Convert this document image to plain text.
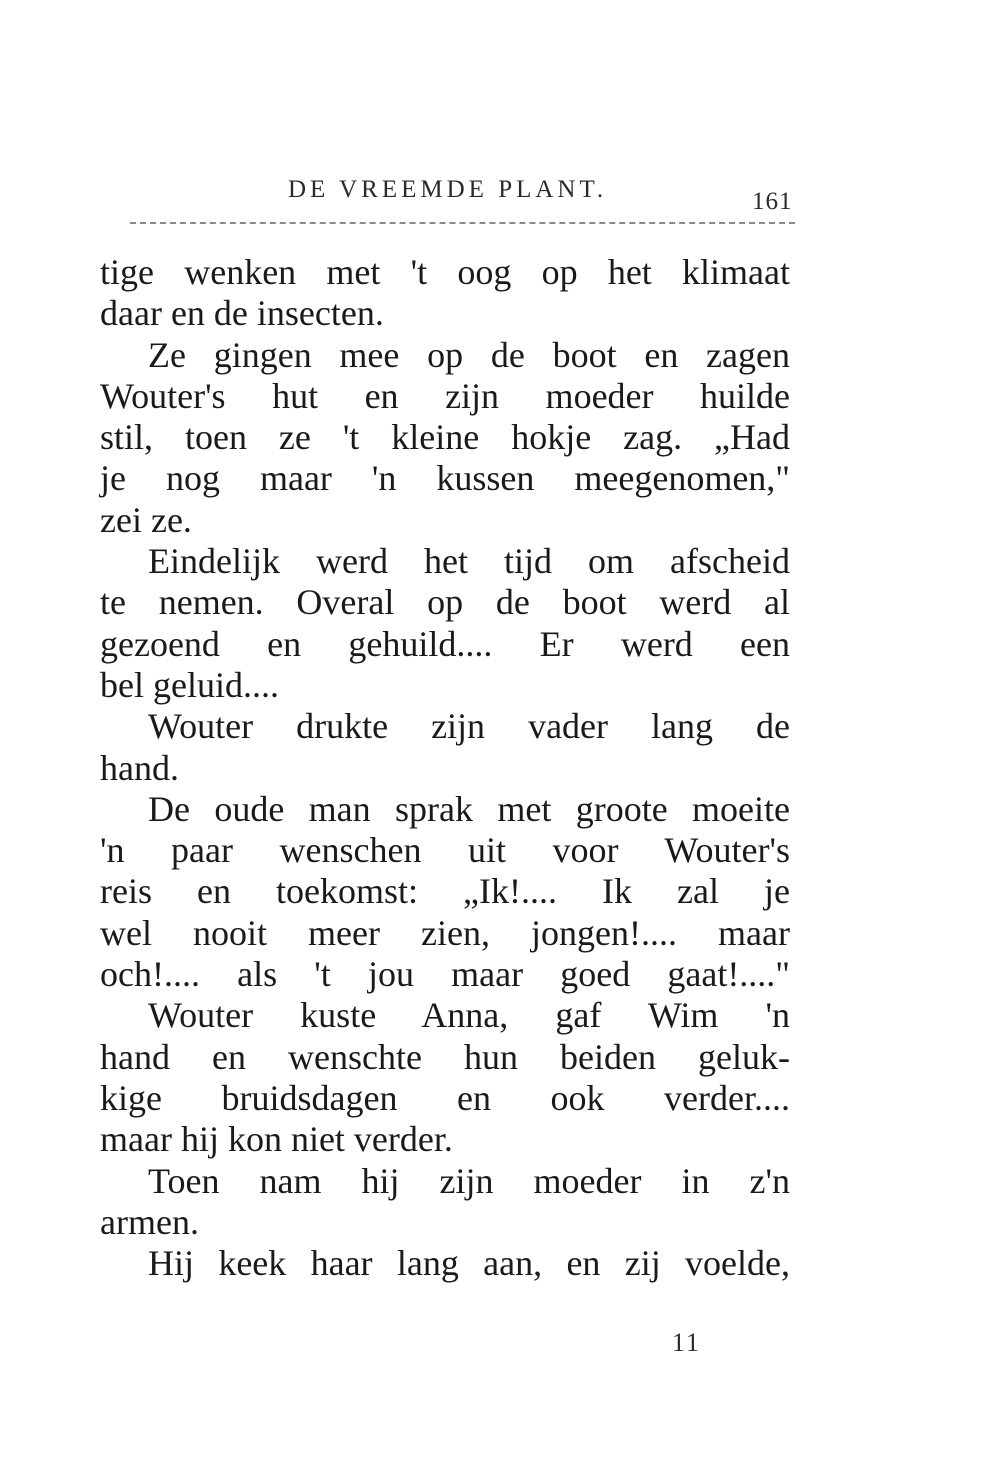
DE VREEMDE PLANT.	161
tige wenken met 't oog op het klimaat
daar en de insecten.
Ze gingen mee op de boot en zagen
Wouter's hut en zijn moeder huilde
stil, toen ze 't kleine hokje zag. „Had
je nog maar 'n kussen meegenomen,"
zei ze.
Eindelijk werd het tijd om afscheid
te nemen. Overal op de boot werd al
gezoend en gehuild.... Er werd een
bel geluid....
Wouter drukte zijn vader lang de
hand.
De oude man sprak met groote moeite
'n paar wenschen uit voor Wouter's
reis en toekomst: „Ik!.... Ik zal je
wel nooit meer zien, jongen!.... maar
och!.... als 't jou maar goed gaat!...."
Wouter kuste Anna, gaf Wim 'n
hand en wenschte hun beiden geluk-
kige bruidsdagen en ook verder....
maar hij kon niet verder.
Toen nam hij zijn moeder in z'n
armen.
Hij keek haar lang aan, en zij voelde,
11
